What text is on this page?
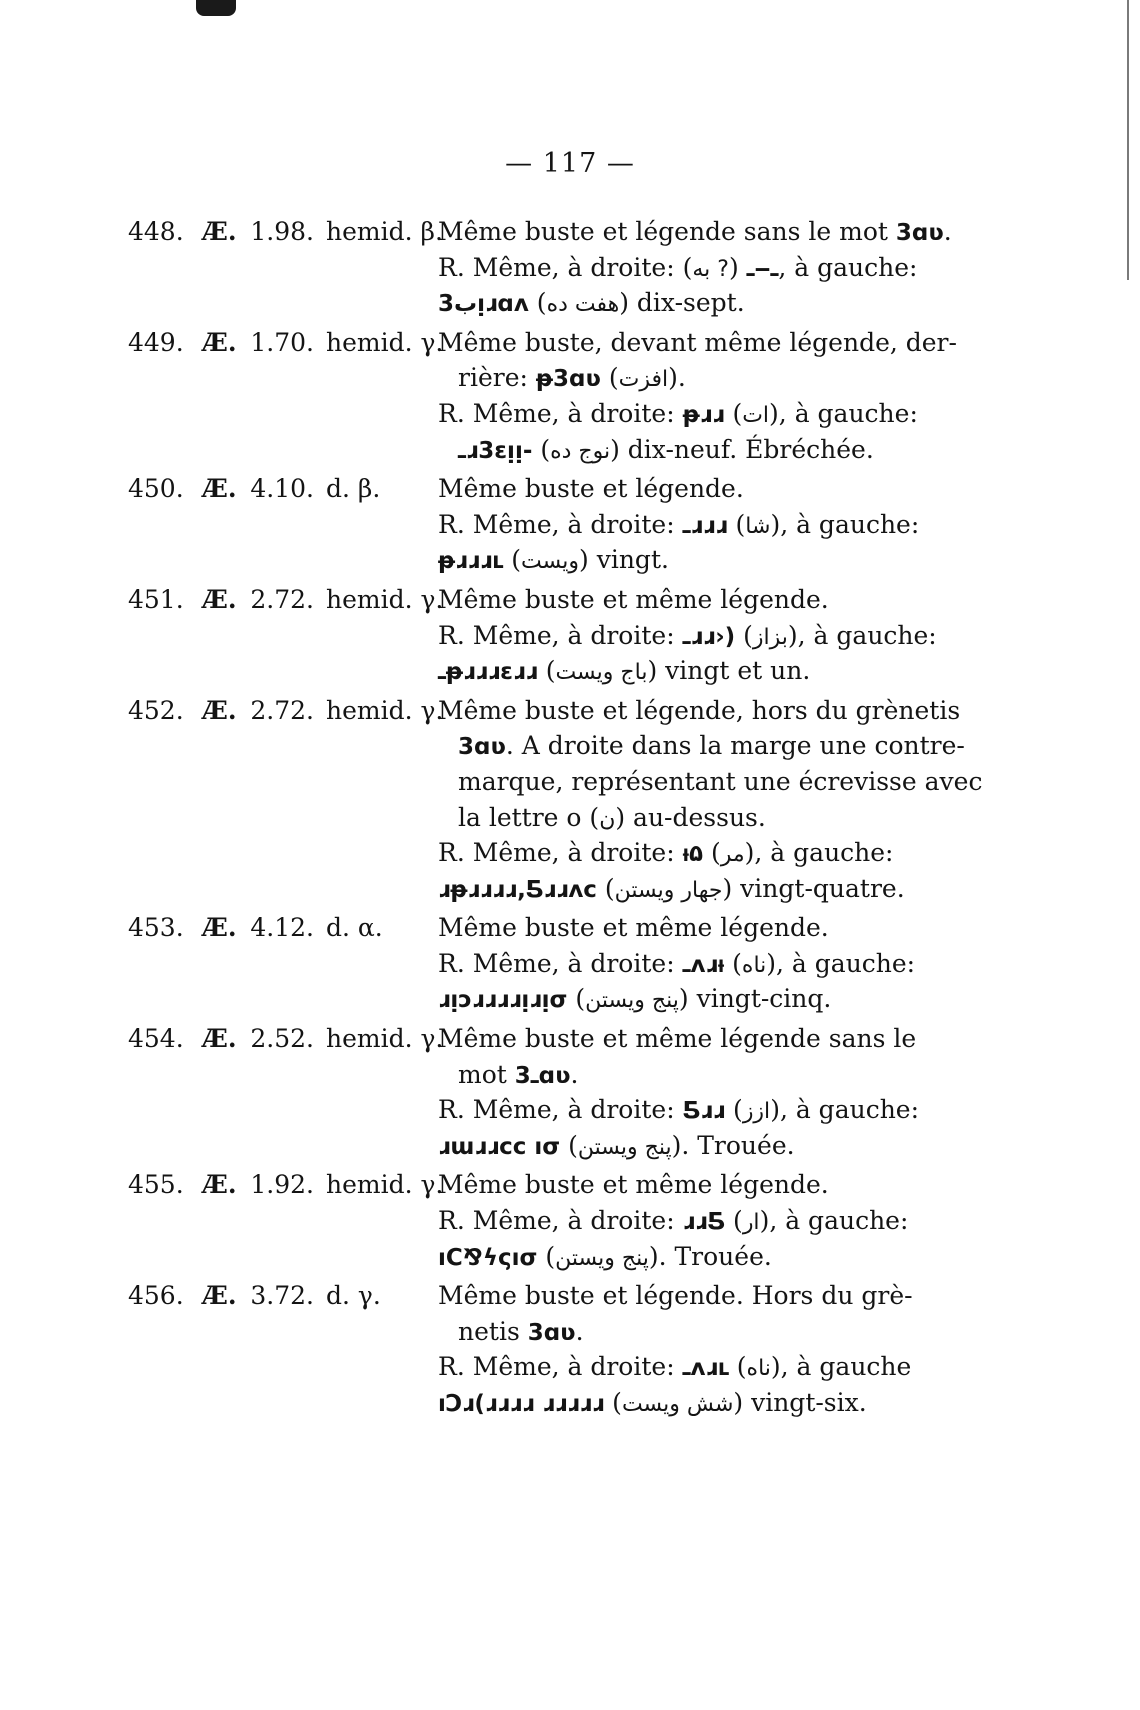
— 117 —
448. Æ. 1.98. hemid. β.
Même buste et légende sans le mot 3ɑʋ.
R. Même, à droite:	ـ‒ـ (? به), à gauche:
ب3ᴉɹɑᴧ (هفت ده) dix-sept.
449. Æ. 1.70. hemid. γ.
Même buste, devant même légende, der-
rière: ᵽ3ɑʋ (افزت).
R. Même, à droite: ᵽɹɹ (ات), à gauche:
ـɹ3ɛᴉᴉ- (نوج ده) dix-neuf. Ébréchée.
450. Æ. 4.10. d. β. Même buste et légende.
R. Même, à droite: ـɹɹɹ (شا), à gauche:
ᵽɹɹɹւ (ويست) vingt.
451. Æ. 2.72. hemid. γ.
Même buste et même légende.
R. Même, à droite: ـɹɹ›) (بزاز), à gauche:
ـᵽɹɹɹɛɹɹ (باج ويست) vingt et un.
452. Æ. 2.72. hemid. γ.
Même buste et légende, hors du grènetis
3ɑʋ. A droite dans la marge une contre-
marque, représentant une écrevisse avec
la lettre o (ن) au-dessus.
R. Même, à droite: ᵼ۵ (مر), à gauche:
ɹᵽɹɹɹɹ,Ƽɹɹᴧc (جهار ويستن) vingt-quatre.
453. Æ. 4.12. d. α. Même buste et même légende.
R. Même, à droite: ـᴧɹᵼ (ناه), à gauche:
ɹᴉɔɹɹɹɹᴉɹᴉσ (پنج ويستن) vingt-cinq.
454. Æ. 2.52. hemid. γ.
Même buste et même légende sans le
mot ـ3ɑʋ.
R. Même, à droite: Ƽɹɹ (ازز), à gauche:
ɹɯɹɹcc ıσ (پنج ويستن). Trouée.
455. Æ. 1.92. hemid. γ.
Même buste et même légende.
R. Même, à droite: ɹɹƼ (ار), à gauche:
ıϹ⅋ϟςıσ (پنج ويستن). Trouée.
456. Æ. 3.72. d. γ. Même buste et légende. Hors du grè-
netis 3ɑʋ.
R. Même, à droite: ـᴧɹւ (ناه), à gauche
ıϽɹ(ɹɹɹɹ ɹɹɹɹɹ (شش ويست) vingt-six.
